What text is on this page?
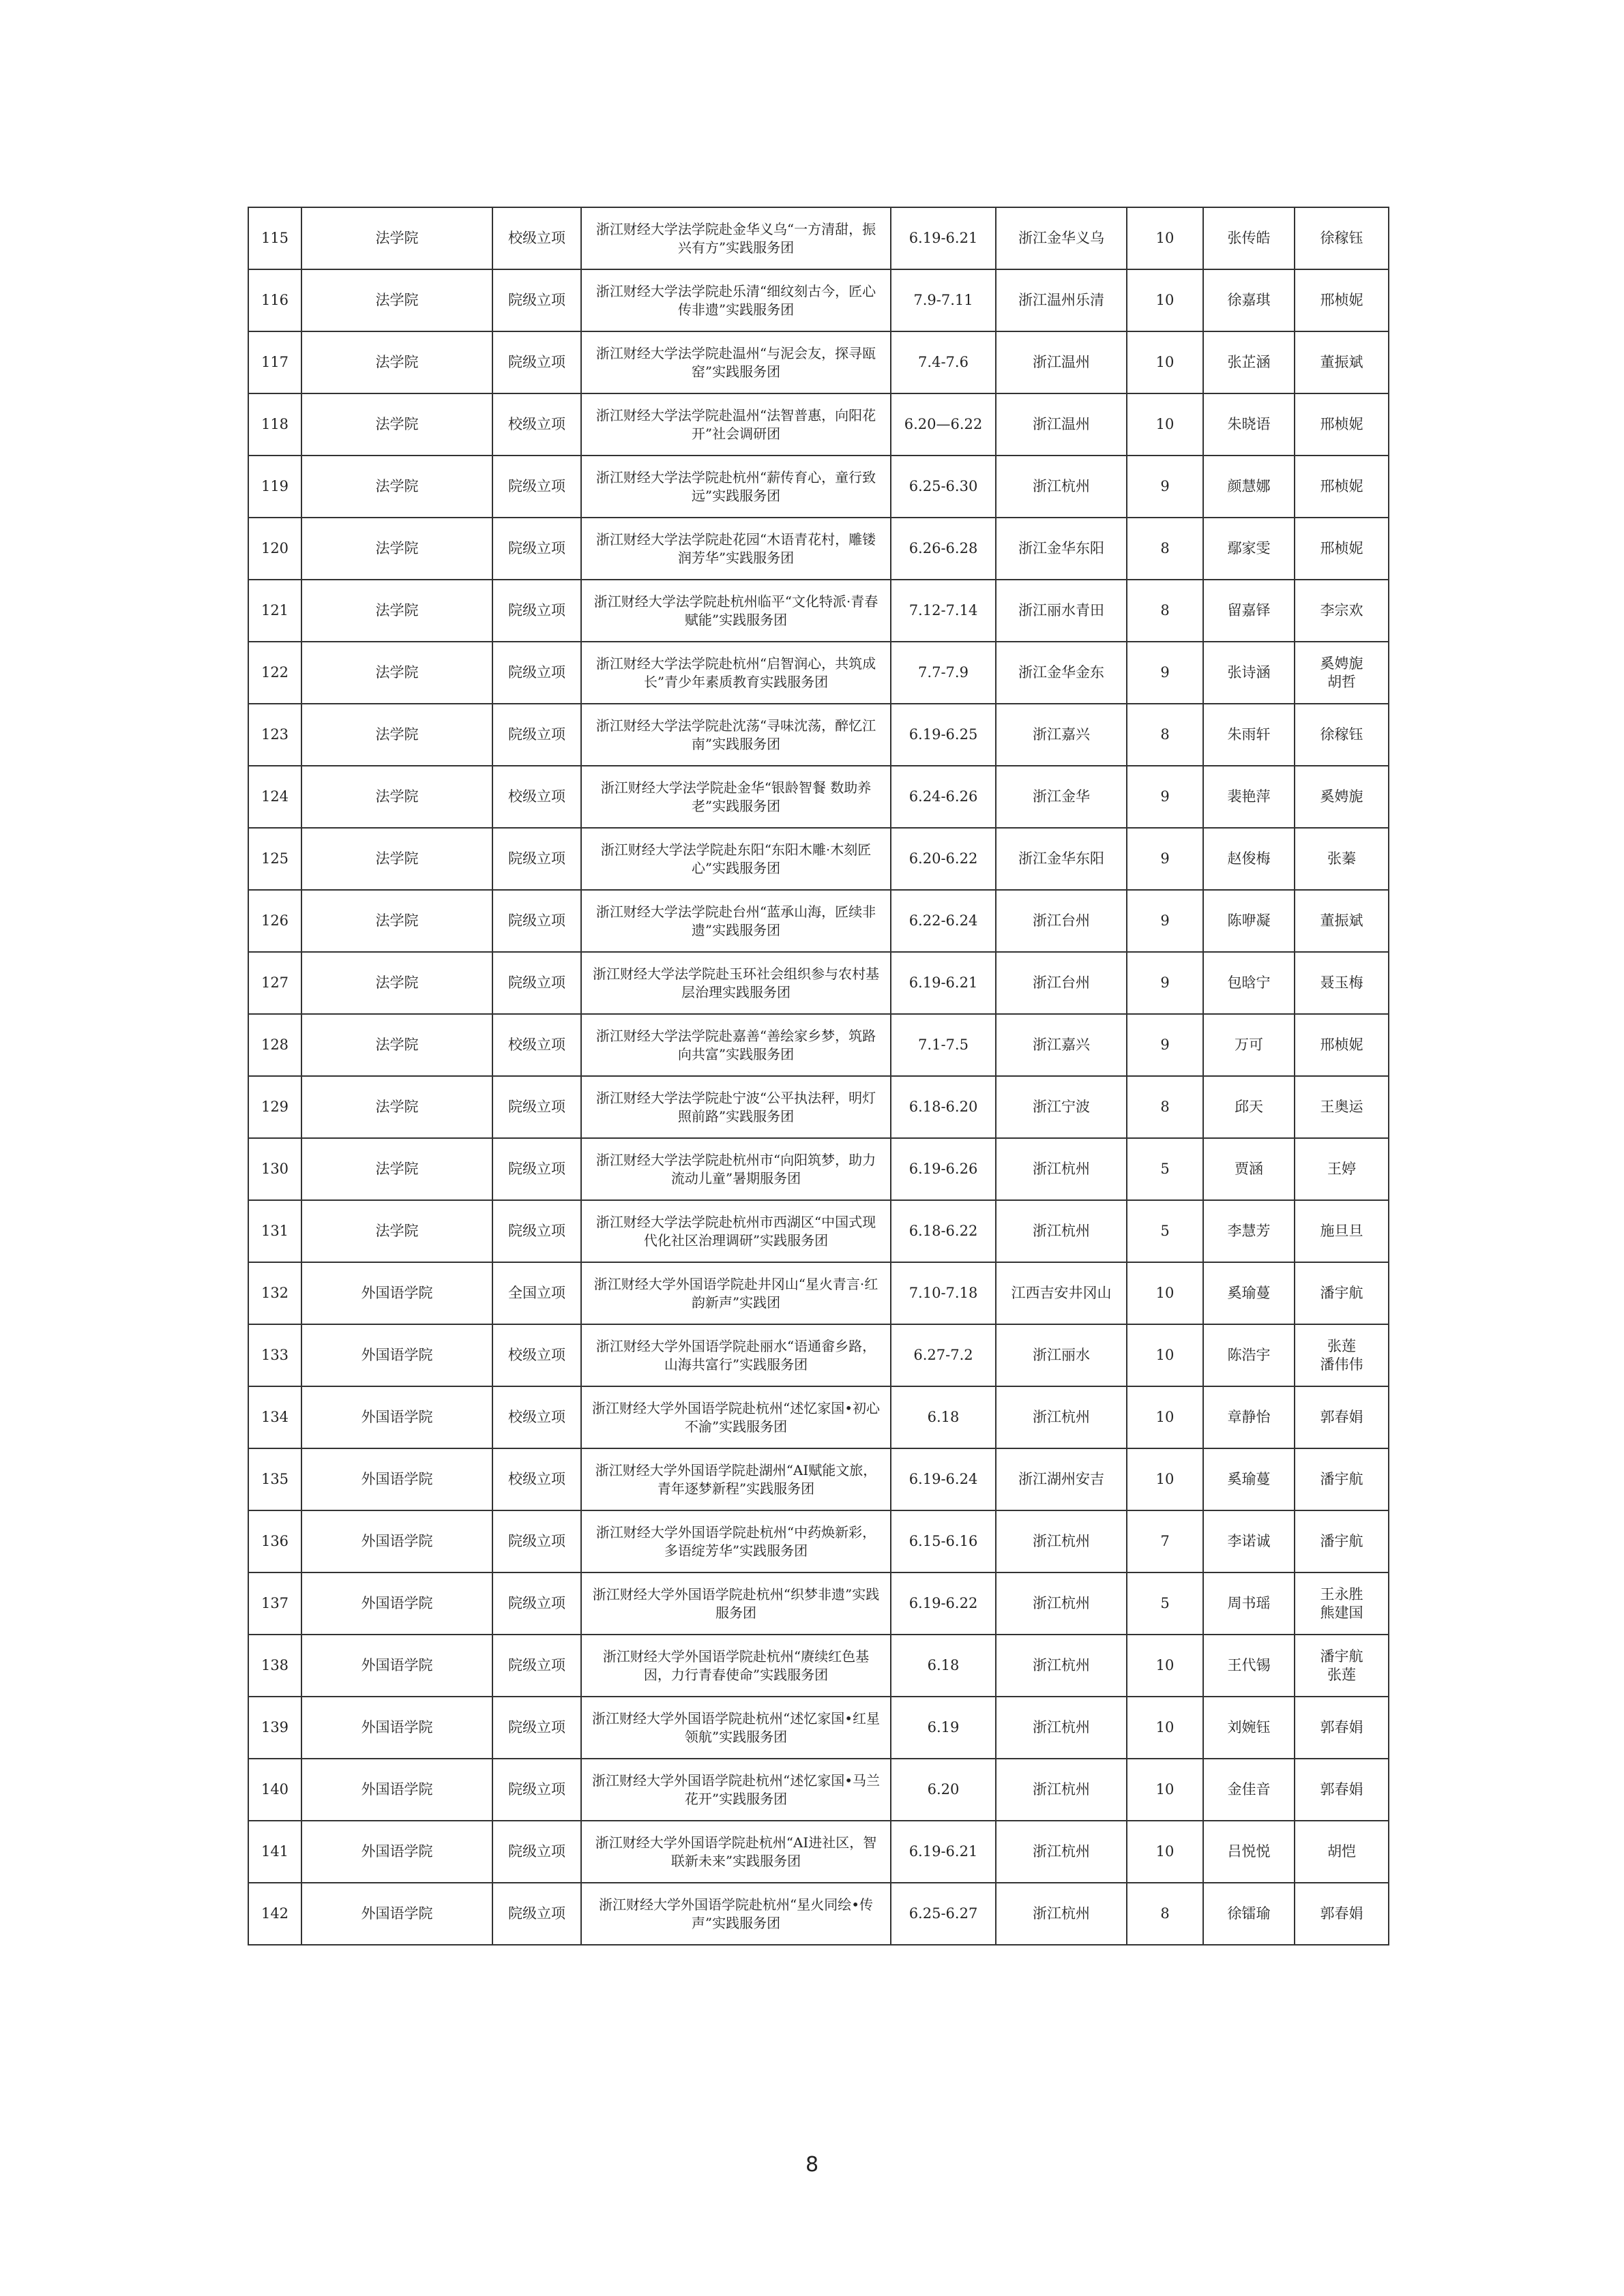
115	法学院	校级立项	浙江财经大学法学院赴金华义乌“一方清甜，振兴有方”实践服务团	6.19-6.21	浙江金华义乌	10	张传皓	徐稼钰
116	法学院	院级立项	浙江财经大学法学院赴乐清“细纹刻古今，匠心传非遗”实践服务团	7.9-7.11	浙江温州乐清	10	徐嘉琪	邢桢妮
117	法学院	院级立项	浙江财经大学法学院赴温州“与泥会友，探寻瓯窑”实践服务团	7.4-7.6	浙江温州	10	张芷涵	董振斌
118	法学院	校级立项	浙江财经大学法学院赴温州“法智普惠，向阳花开”社会调研团	6.20—6.22	浙江温州	10	朱晓语	邢桢妮
119	法学院	院级立项	浙江财经大学法学院赴杭州“薪传育心，童行致远”实践服务团	6.25-6.30	浙江杭州	9	颜慧娜	邢桢妮
120	法学院	院级立项	浙江财经大学法学院赴花园“木语青花村，雕镂润芳华”实践服务团	6.26-6.28	浙江金华东阳	8	鄢家雯	邢桢妮
121	法学院	院级立项	浙江财经大学法学院赴杭州临平“文化特派·青春赋能”实践服务团	7.12-7.14	浙江丽水青田	8	留嘉铎	李宗欢
122	法学院	院级立项	浙江财经大学法学院赴杭州“启智润心，共筑成长”青少年素质教育实践服务团	7.7-7.9	浙江金华金东	9	张诗涵	奚娉旎
胡哲
123	法学院	院级立项	浙江财经大学法学院赴沈荡“寻味沈荡，醉忆江南”实践服务团	6.19-6.25	浙江嘉兴	8	朱雨轩	徐稼钰
124	法学院	校级立项	浙江财经大学法学院赴金华“银龄智餐 数助养老”实践服务团	6.24-6.26	浙江金华	9	裴艳萍	奚娉旎
125	法学院	院级立项	浙江财经大学法学院赴东阳“东阳木雕·木刻匠心”实践服务团	6.20-6.22	浙江金华东阳	9	赵俊梅	张蓁
126	法学院	院级立项	浙江财经大学法学院赴台州“蓝承山海，匠续非遗”实践服务团	6.22-6.24	浙江台州	9	陈咿凝	董振斌
127	法学院	院级立项	浙江财经大学法学院赴玉环社会组织参与农村基层治理实践服务团	6.19-6.21	浙江台州	9	包晗宁	聂玉梅
128	法学院	校级立项	浙江财经大学法学院赴嘉善“善绘家乡梦，筑路向共富”实践服务团	7.1-7.5	浙江嘉兴	9	万可	邢桢妮
129	法学院	院级立项	浙江财经大学法学院赴宁波“公平执法秤，明灯照前路”实践服务团	6.18-6.20	浙江宁波	8	邱天	王奥运
130	法学院	院级立项	浙江财经大学法学院赴杭州市“向阳筑梦，助力流动儿童”暑期服务团	6.19-6.26	浙江杭州	5	贾涵	王婷
131	法学院	院级立项	浙江财经大学法学院赴杭州市西湖区“中国式现代化社区治理调研”实践服务团	6.18-6.22	浙江杭州	5	李慧芳	施旦旦
132	外国语学院	全国立项	浙江财经大学外国语学院赴井冈山“星火青言·红韵新声”实践团	7.10-7.18	江西吉安井冈山	10	奚瑜蔓	潘宇航
133	外国语学院	校级立项	浙江财经大学外国语学院赴丽水“语通畲乡路，山海共富行”实践服务团	6.27-7.2	浙江丽水	10	陈浩宇	张莲
潘伟伟
134	外国语学院	校级立项	浙江财经大学外国语学院赴杭州“述忆家国•初心不渝”实践服务团	6.18	浙江杭州	10	章静怡	郭春娟
135	外国语学院	校级立项	浙江财经大学外国语学院赴湖州“AI赋能文旅，青年逐梦新程”实践服务团	6.19-6.24	浙江湖州安吉	10	奚瑜蔓	潘宇航
136	外国语学院	院级立项	浙江财经大学外国语学院赴杭州“中药焕新彩，多语绽芳华”实践服务团	6.15-6.16	浙江杭州	7	李诺诚	潘宇航
137	外国语学院	院级立项	浙江财经大学外国语学院赴杭州“织梦非遗”实践服务团	6.19-6.22	浙江杭州	5	周书瑶	王永胜
熊建国
138	外国语学院	院级立项	浙江财经大学外国语学院赴杭州“赓续红色基因，力行青春使命”实践服务团	6.18	浙江杭州	10	王代锡	潘宇航
张莲
139	外国语学院	院级立项	浙江财经大学外国语学院赴杭州“述忆家国•红星领航”实践服务团	6.19	浙江杭州	10	刘婉钰	郭春娟
140	外国语学院	院级立项	浙江财经大学外国语学院赴杭州“述忆家国•马兰花开”实践服务团	6.20	浙江杭州	10	金佳音	郭春娟
141	外国语学院	院级立项	浙江财经大学外国语学院赴杭州“AI进社区，智联新未来”实践服务团	6.19-6.21	浙江杭州	10	吕悦悦	胡恺
142	外国语学院	院级立项	浙江财经大学外国语学院赴杭州“星火同绘•传声”实践服务团	6.25-6.27	浙江杭州	8	徐镭瑜	郭春娟
8
